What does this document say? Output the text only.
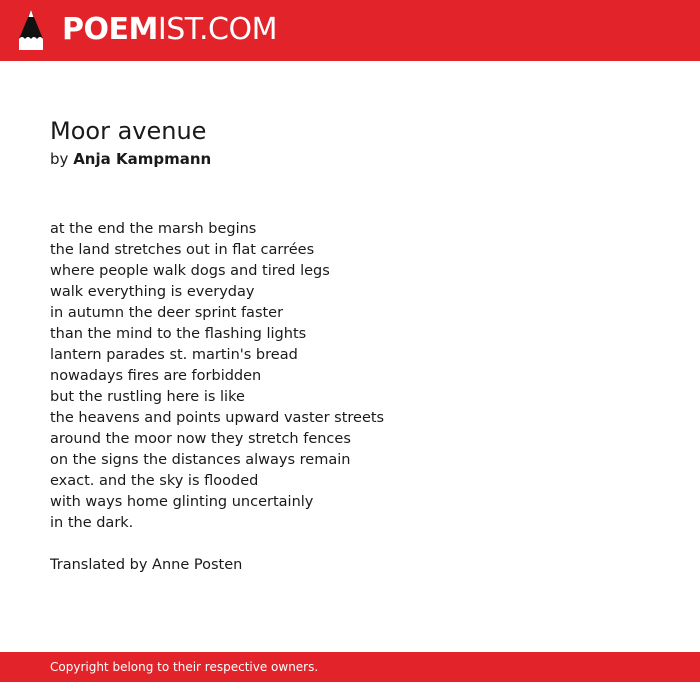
POEMIST.COM
Moor avenue
by Anja Kampmann
at the end the marsh begins
the land stretches out in flat carrées
where people walk dogs and tired legs
walk everything is everyday
in autumn the deer sprint faster
than the mind to the flashing lights
lantern parades st. martin's bread
nowadays fires are forbidden
but the rustling here is like
the heavens and points upward vaster streets
around the moor now they stretch fences
on the signs the distances always remain
exact. and the sky is flooded
with ways home glinting uncertainly
in the dark.
Translated by Anne Posten
Copyright belong to their respective owners.
